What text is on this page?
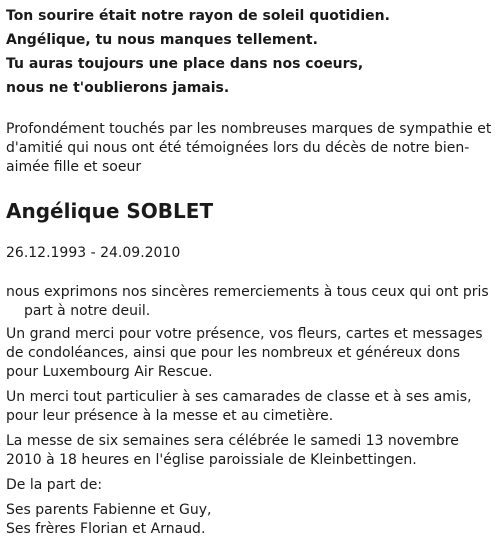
Ton sourire était notre rayon de soleil quotidien.
Angélique, tu nous manques tellement.
Tu auras toujours une place dans nos coeurs,
nous ne t'oublierons jamais.
Profondément touchés par les nombreuses marques de sympathie et d'amitié qui nous ont été témoignées lors du décès de notre bien-aimée fille et soeur
Angélique SOBLET
26.12.1993 - 24.09.2010

nous exprimons nos sincères remerciements à tous ceux qui ont pris
part à notre deuil.

Un grand merci pour votre présence, vos fleurs, cartes et messages de condoléances, ainsi que pour les nombreux et généreux dons pour Luxembourg Air Rescue.

Un merci tout particulier à ses camarades de classe et à ses amis, pour leur présence à la messe et au cimetière.

La messe de six semaines sera célébrée le samedi 13 novembre 2010 à 18 heures en l'église paroissiale de Kleinbettingen.

De la part de:

Ses parents Fabienne et Guy,
Ses frères Florian et Arnaud.
